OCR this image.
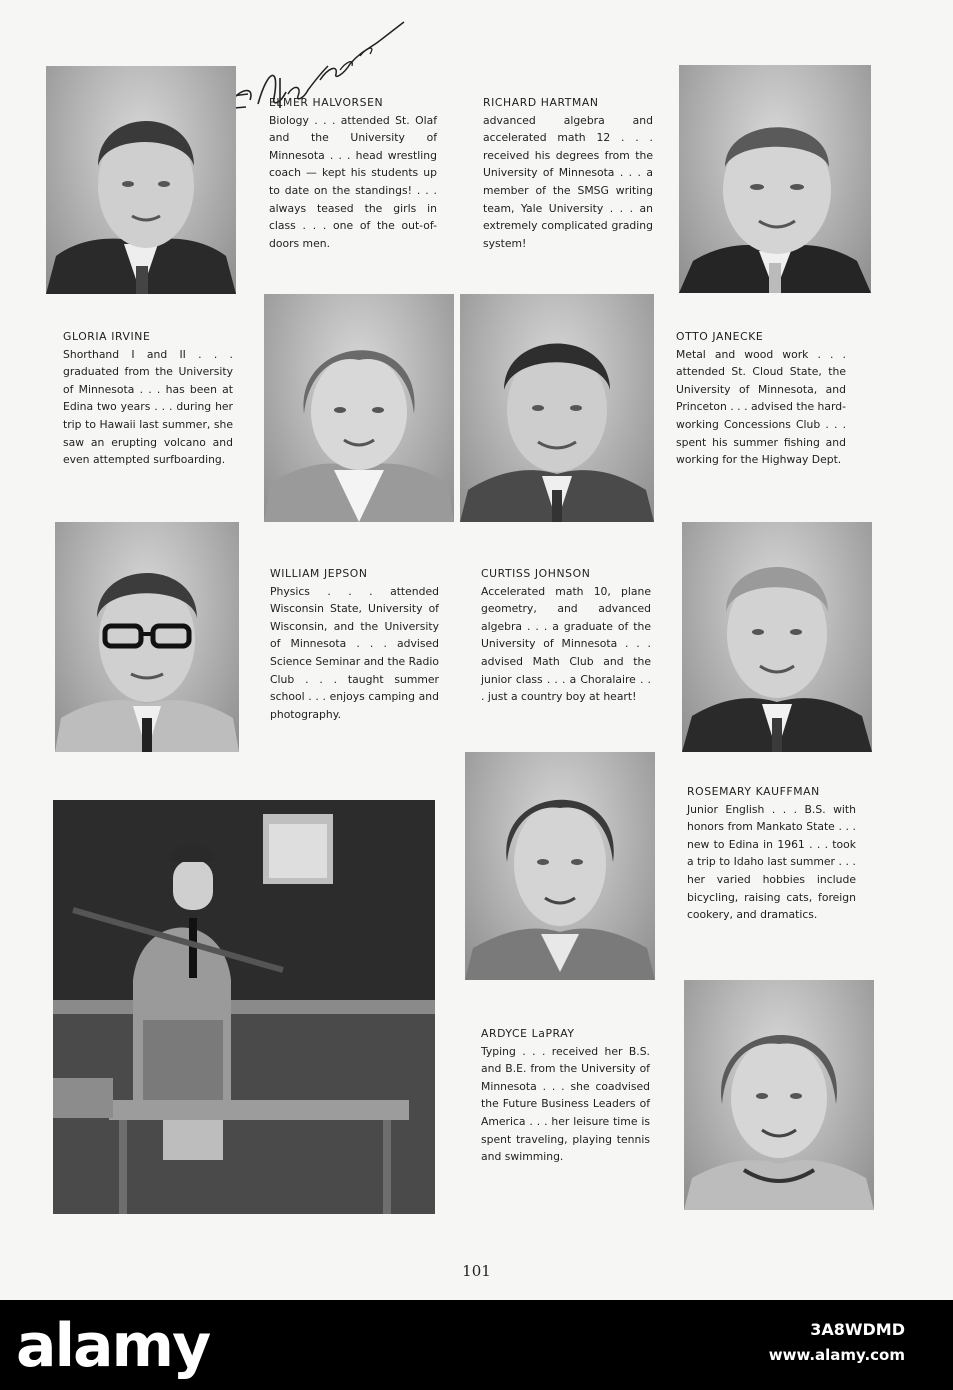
ELMER HALVORSEN
Biology . . . attended St. Olaf and the University of Minnesota . . . head wrestling coach — kept his students up to date on the standings! . . . always teased the girls in class . . . one of the out-of-doors men.
RICHARD HARTMAN
advanced algebra and accelerated math 12 . . . received his degrees from the University of Minnesota . . . a member of the SMSG writing team, Yale University . . . an extremely complicated grading system!
GLORIA IRVINE
Shorthand I and II . . . graduated from the University of Minnesota . . . has been at Edina two years . . . during her trip to Hawaii last summer, she saw an erupting volcano and even attempted surfboarding.
OTTO JANECKE
Metal and wood work . . . attended St. Cloud State, the University of Minnesota, and Princeton . . . advised the hard-working Concessions Club . . . spent his summer fishing and working for the Highway Dept.
WILLIAM JEPSON
Physics . . . attended Wisconsin State, University of Wisconsin, and the University of Minnesota . . . advised Science Seminar and the Radio Club . . . taught summer school . . . enjoys camping and photography.
CURTISS JOHNSON
Accelerated math 10, plane geometry, and advanced algebra . . . a graduate of the University of Minnesota . . . advised Math Club and the junior class . . . a Choralaire . . . just a country boy at heart!
ROSEMARY KAUFFMAN
Junior English . . . B.S. with honors from Mankato State . . . new to Edina in 1961 . . . took a trip to Idaho last summer . . . her varied hobbies include bicycling, raising cats, foreign cookery, and dramatics.
ARDYCE LaPRAY
Typing . . . received her B.S. and B.E. from the University of Minnesota . . . she coadvised the Future Business Leaders of America . . . her leisure time is spent traveling, playing tennis and swimming.
101
alamy	3A8WDMD
www.alamy.com
